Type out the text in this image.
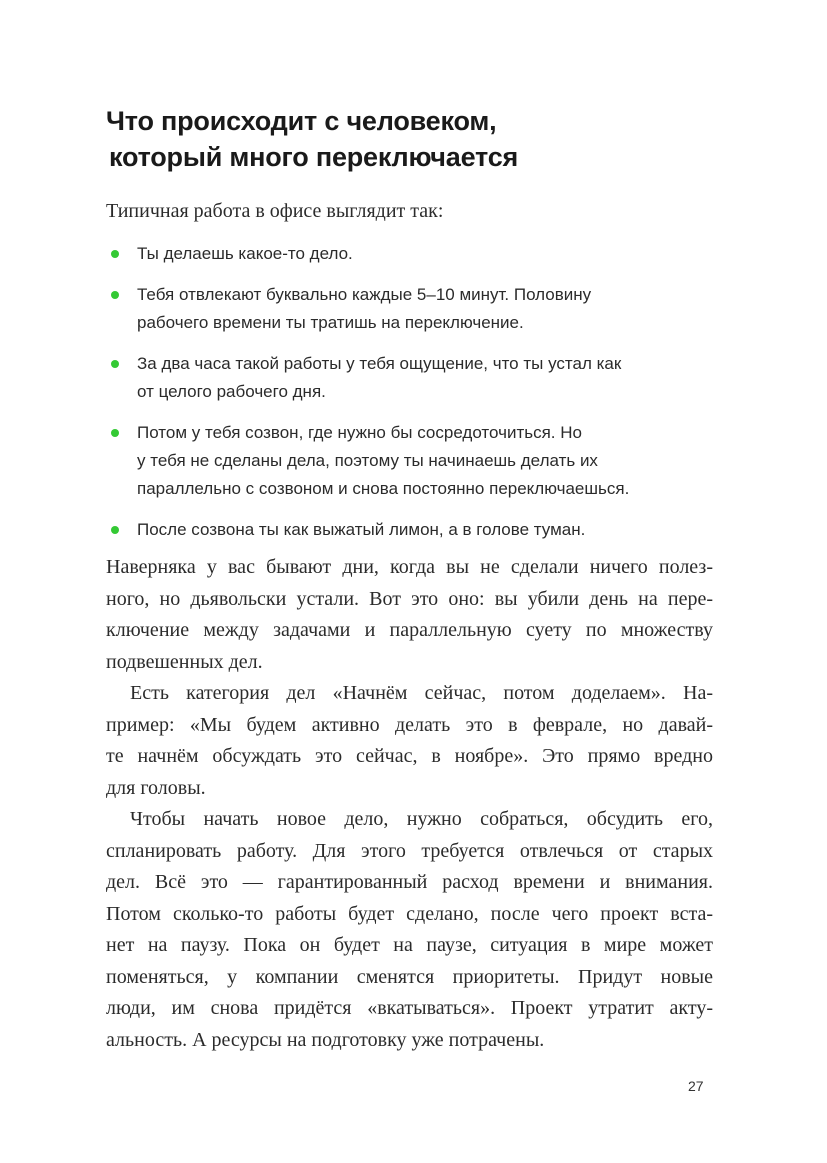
Что происходит с человеком,
который много переключается
Типичная работа в офисе выглядит так:
Ты делаешь какое-то дело.
Тебя отвлекают буквально каждые 5–10 минут. Половину
рабочего времени ты тратишь на переключение.
За два часа такой работы у тебя ощущение, что ты устал как
от целого рабочего дня.
Потом у тебя созвон, где нужно бы сосредоточиться. Но
у тебя не сделаны дела, поэтому ты начинаешь делать их
параллельно с созвоном и снова постоянно переключаешься.
После созвона ты как выжатый лимон, а в голове туман.
Наверняка у вас бывают дни, когда вы не сделали ничего полез-
ного, но дьявольски устали. Вот это оно: вы убили день на пере-
ключение между задачами и параллельную суету по множеству
подвешенных дел.
Есть категория дел «Начнём сейчас, потом доделаем». На-
пример: «Мы будем активно делать это в феврале, но давай-
те начнём обсуждать это сейчас, в ноябре». Это прямо вредно
для головы.
Чтобы начать новое дело, нужно собраться, обсудить его,
спланировать работу. Для этого требуется отвлечься от старых
дел. Всё это — гарантированный расход времени и внимания.
Потом сколько-то работы будет сделано, после чего проект вста-
нет на паузу. Пока он будет на паузе, ситуация в мире может
поменяться, у компании сменятся приоритеты. Придут новые
люди, им снова придётся «вкатываться». Проект утратит акту-
альность. А ресурсы на подготовку уже потрачены.
27
